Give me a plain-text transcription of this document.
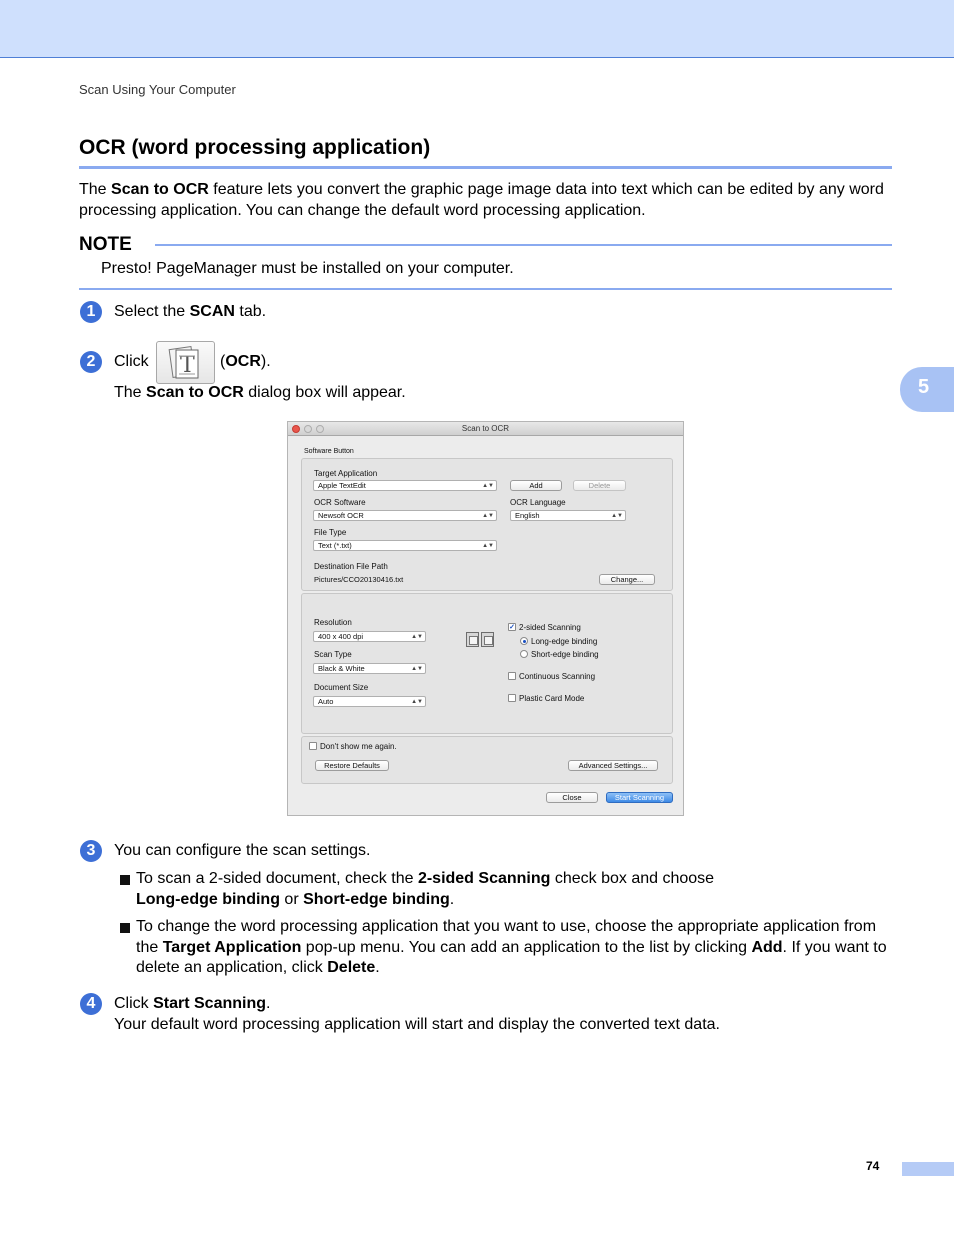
Scan Using Your Computer
5
OCR (word processing application)
The Scan to OCR feature lets you convert the graphic page image data into text which can be edited by any word processing application. You can change the default word processing application.
NOTE
Presto! PageManager must be installed on your computer.
1	Select the SCAN tab.
2	Click T (OCR).
The Scan to OCR dialog box will appear.
Scan to OCR
Software Button
Target Application
Apple TextEdit	▲▼	Add	Delete
OCR Software
Newsoft OCR	▲▼
OCR Language
English	▲▼
File Type
Text (*.txt)	▲▼
Destination File Path
Pictures/CCO20130416.txt	Change...
Resolution
400 x 400 dpi	▲▼
Scan Type
Black & White	▲▼
Document Size
Auto	▲▼
✓ 2-sided Scanning
Long-edge binding
Short-edge binding
Continuous Scanning
Plastic Card Mode
Don't show me again.
Restore Defaults	Advanced Settings...
Close	Start Scanning
3	You can configure the scan settings.
To scan a 2-sided document, check the 2-sided Scanning check box and choose
Long-edge binding or Short-edge binding.
To change the word processing application that you want to use, choose the appropriate application from the Target Application pop-up menu. You can add an application to the list by clicking Add. If you want to delete an application, click Delete.
4	Click Start Scanning.
Your default word processing application will start and display the converted text data.
74
